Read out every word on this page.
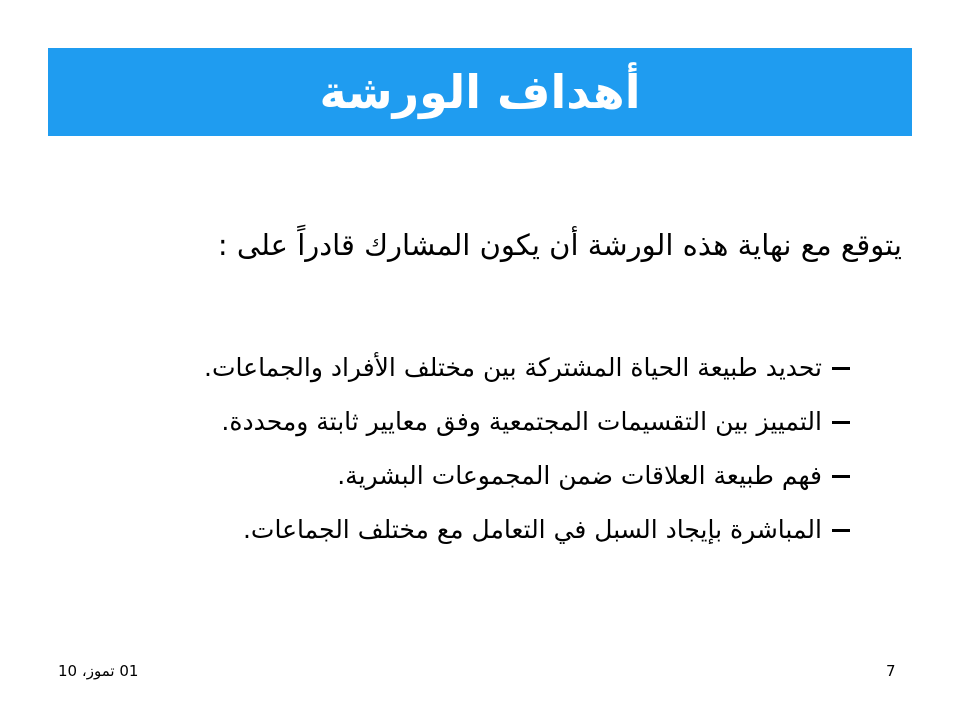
أهداف الورشة
يتوقع مع نهاية هذه الورشة أن يكون المشارك قادراً على :
تحديد طبيعة الحياة المشتركة بين مختلف الأفراد والجماعات.
التمييز بين التقسيمات المجتمعية وفق معايير ثابتة ومحددة.
فهم طبيعة العلاقات ضمن المجموعات البشرية.
المباشرة بإيجاد السبل في التعامل مع مختلف الجماعات.
01 تموز، 10	7
